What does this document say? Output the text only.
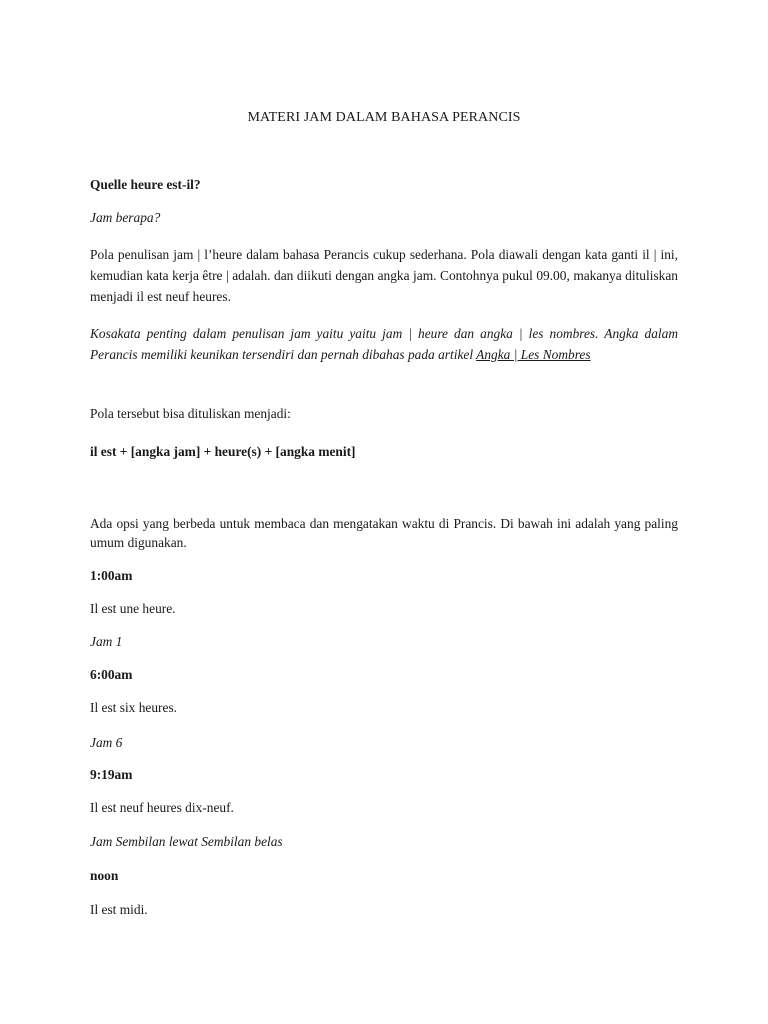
MATERI JAM DALAM BAHASA PERANCIS

Quelle heure est-il?

Jam berapa?

Pola penulisan jam | l’heure dalam bahasa Perancis cukup sederhana. Pola diawali dengan kata ganti il | ini, kemudian kata kerja être | adalah. dan diikuti dengan angka jam. Contohnya pukul 09.00, makanya dituliskan menjadi il est neuf heures.

Kosakata penting dalam penulisan jam yaitu yaitu jam | heure dan angka | les nombres. Angka dalam Perancis memiliki keunikan tersendiri dan pernah dibahas pada artikel Angka | Les Nombres

Pola tersebut bisa dituliskan menjadi:

il est + [angka jam] + heure(s) + [angka menit]

Ada opsi yang berbeda untuk membaca dan mengatakan waktu di Prancis. Di bawah ini adalah yang paling umum digunakan.

1:00am

Il est une heure.

Jam 1

6:00am

Il est six heures.

Jam 6

9:19am

Il est neuf heures dix-neuf.

Jam Sembilan lewat Sembilan belas

noon

Il est midi.
